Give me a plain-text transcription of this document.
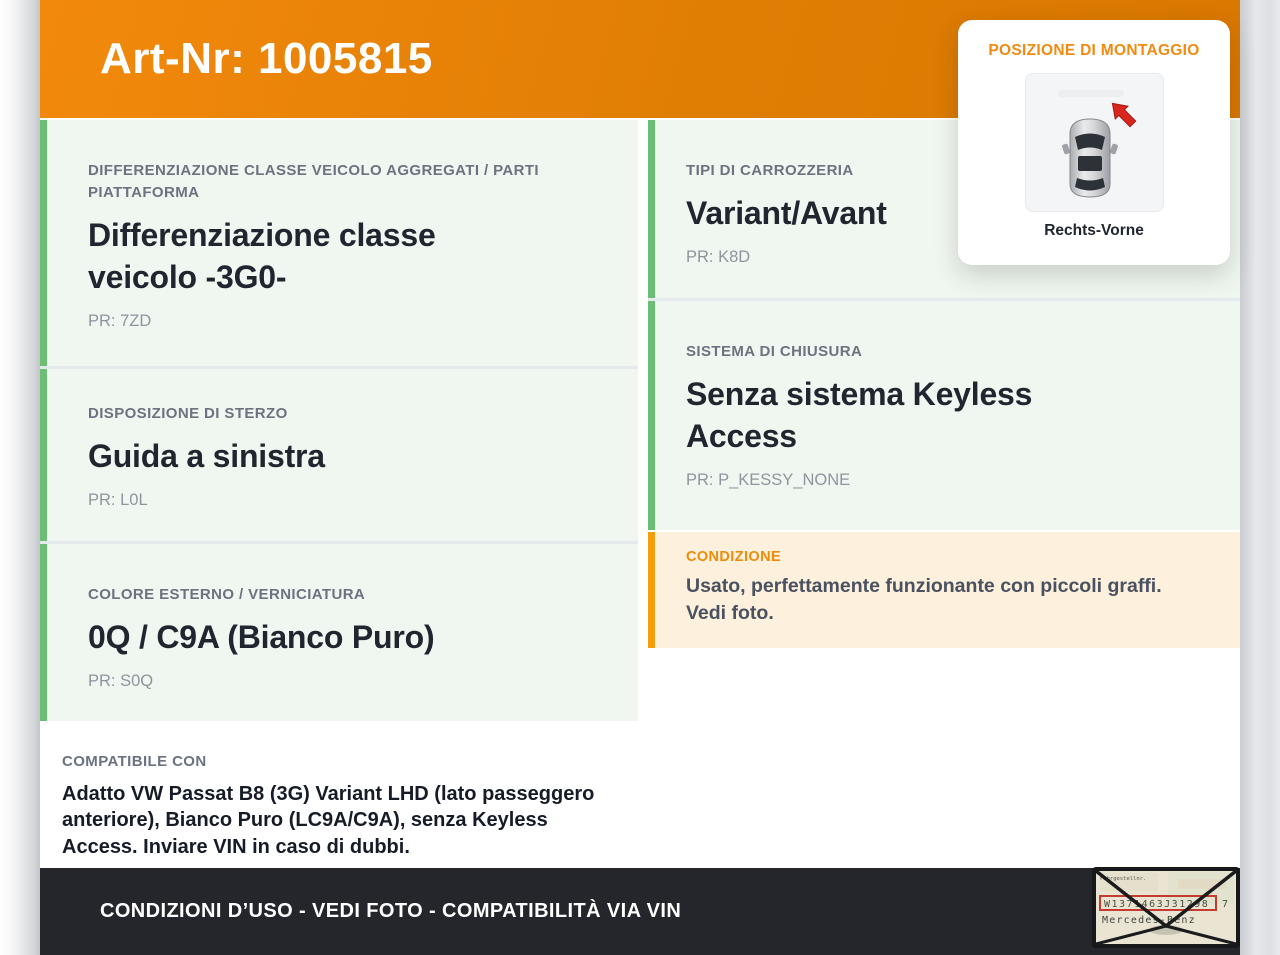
Art-Nr: 1005815
DIFFERENZIAZIONE CLASSE VEICOLO AGGREGATI / PARTI PIATTAFORMA
Differenziazione classe veicolo -3G0-
PR: 7ZD
DISPOSIZIONE DI STERZO
Guida a sinistra
PR: L0L
COLORE ESTERNO / VERNICIATURA
0Q / C9A (Bianco Puro)
PR: S0Q
COMPATIBILE CON
Adatto VW Passat B8 (3G) Variant LHD (lato passeggero anteriore), Bianco Puro (LC9A/C9A), senza Keyless Access. Inviare VIN in caso di dubbi.
TIPI DI CARROZZERIA
Variant/Avant
PR: K8D
SISTEMA DI CHIUSURA
Senza sistema Keyless Access
PR: P_KESSY_NONE
CONDIZIONE
Usato, perfettamente funzionante con piccoli graffi. Vedi foto.
POSIZIONE DI MONTAGGIO
Rechts-Vorne
CONDIZIONI D’USO - VEDI FOTO - COMPATIBILITÀ VIA VIN
Fahrgestellnr.
W1371463J31298 7
Mercedes-Benz
